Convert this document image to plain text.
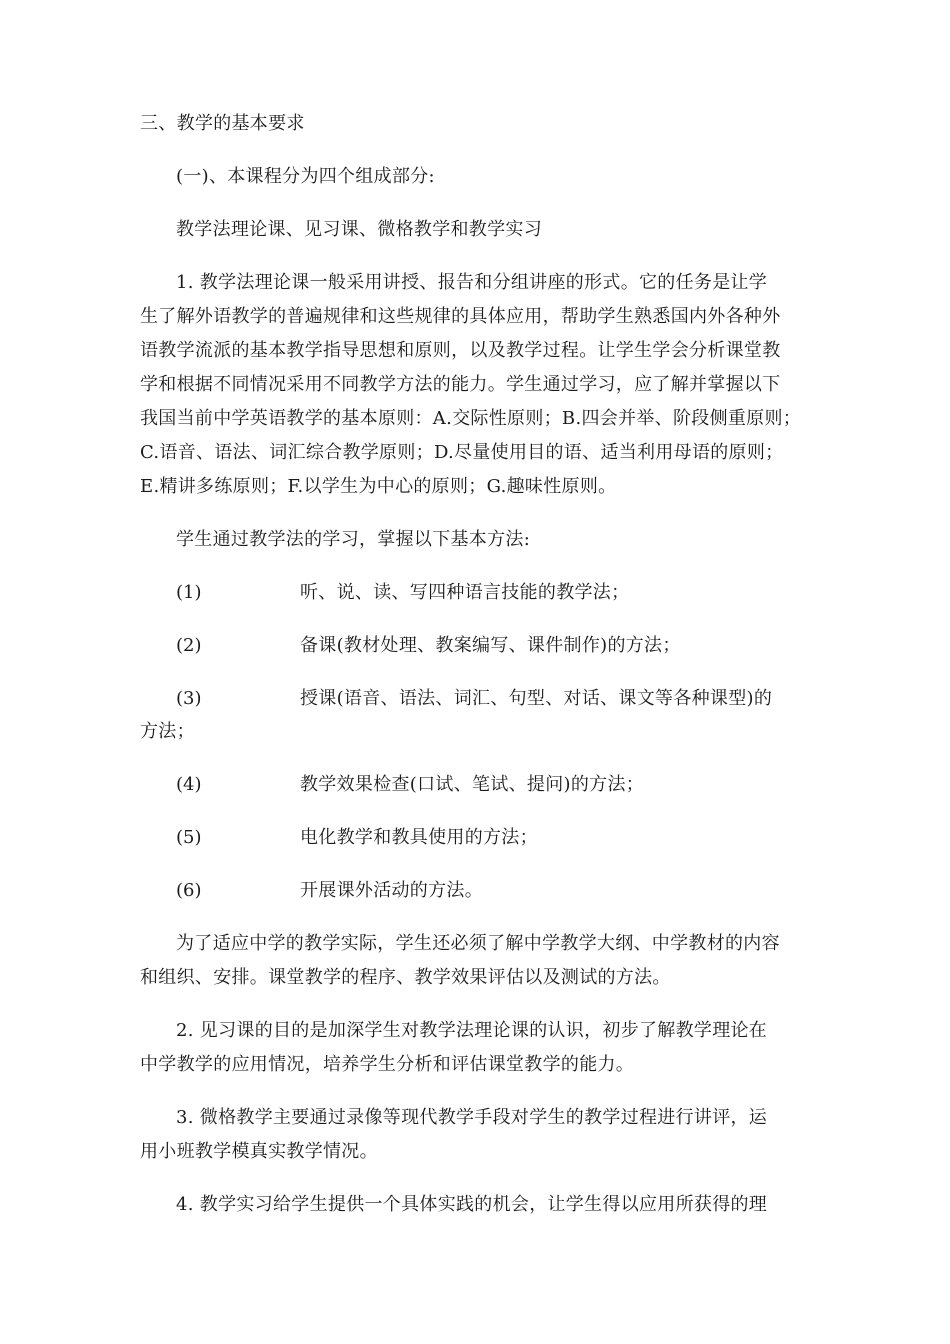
三、教学的基本要求
(一)、本课程分为四个组成部分:
教学法理论课、见习课、微格教学和教学实习
1. 教学法理论课一般采用讲授、报告和分组讲座的形式。它的任务是让学
生了解外语教学的普遍规律和这些规律的具体应用，帮助学生熟悉国内外各种外
语教学流派的基本教学指导思想和原则，以及教学过程。让学生学会分析课堂教
学和根据不同情况采用不同教学方法的能力。学生通过学习，应了解并掌握以下
我国当前中学英语教学的基本原则：A.交际性原则；B.四会并举、阶段侧重原则；
C.语音、语法、词汇综合教学原则；D.尽量使用目的语、适当利用母语的原则；
E.精讲多练原则；F.以学生为中心的原则；G.趣味性原则。
学生通过教学法的学习，掌握以下基本方法:
(1)	听、说、读、写四种语言技能的教学法；
(2)	备课(教材处理、教案编写、课件制作)的方法；
(3)	授课(语音、语法、词汇、句型、对话、课文等各种课型)的
方法；
(4)	教学效果检查(口试、笔试、提问)的方法；
(5)	电化教学和教具使用的方法；
(6)	开展课外活动的方法。
为了适应中学的教学实际，学生还必须了解中学教学大纲、中学教材的内容
和组织、安排。课堂教学的程序、教学效果评估以及测试的方法。
2. 见习课的目的是加深学生对教学法理论课的认识，初步了解教学理论在
中学教学的应用情况，培养学生分析和评估课堂教学的能力。
3. 微格教学主要通过录像等现代教学手段对学生的教学过程进行讲评，运
用小班教学模真实教学情况。
4. 教学实习给学生提供一个具体实践的机会，让学生得以应用所获得的理
